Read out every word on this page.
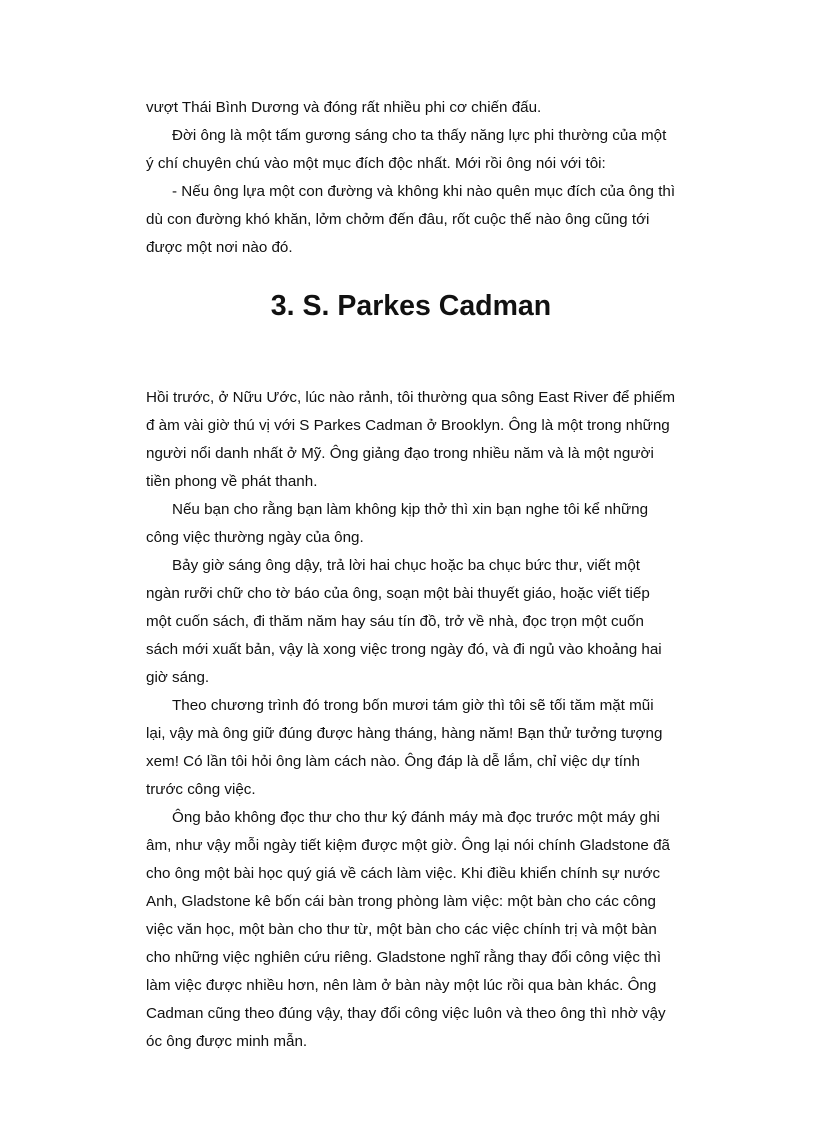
vượt Thái Bình Dương và đóng rất nhiều phi cơ chiến đấu.

Đời ông là một tấm gương sáng cho ta thấy năng lực phi thường của một ý chí chuyên chú vào một mục đích độc nhất. Mới rồi ông nói với tôi:

- Nếu ông lựa một con đường và không khi nào quên mục đích của ông thì dù con đường khó khăn, lởm chởm đến đâu, rốt cuộc thế nào ông cũng tới được một nơi nào đó.

3. S. Parkes Cadman

Hồi trước, ở Nữu Ước, lúc nào rảnh, tôi thường qua sông East River để phiếm đ àm vài giờ thú vị với S Parkes Cadman ở Brooklyn. Ông là một trong những người nổi danh nhất ở Mỹ. Ông giảng đạo trong nhiều năm và là một người tiền phong về phát thanh.

Nếu bạn cho rằng bạn làm không kịp thở thì xin bạn nghe tôi kể những công việc thường ngày của ông.

Bảy giờ sáng ông dậy, trả lời hai chục hoặc ba chục bức thư, viết một ngàn rưỡi chữ cho tờ báo của ông, soạn một bài thuyết giáo, hoặc viết tiếp một cuốn sách, đi thăm năm hay sáu tín đồ, trở về nhà, đọc trọn một cuốn sách mới xuất bản, vậy là xong việc trong ngày đó, và đi ngủ vào khoảng hai giờ sáng.

Theo chương trình đó trong bốn mươi tám giờ thì tôi sẽ tối tăm mặt mũi lại, vậy mà ông giữ đúng được hàng tháng, hàng năm! Bạn thử tưởng tượng xem! Có lần tôi hỏi ông làm cách nào. Ông đáp là dễ lắm, chỉ việc dự tính trước công việc.

Ông bảo không đọc thư cho thư ký đánh máy mà đọc trước một máy ghi âm, như vậy mỗi ngày tiết kiệm được một giờ. Ông lại nói chính Gladstone đã cho ông một bài học quý giá về cách làm việc. Khi điều khiển chính sự nước Anh, Gladstone kê bốn cái bàn trong phòng làm việc: một bàn cho các công việc văn học, một bàn cho thư từ, một bàn cho các việc chính trị và một bàn cho những việc nghiên cứu riêng. Gladstone nghĩ rằng thay đổi công việc thì làm việc được nhiều hơn, nên làm ở bàn này một lúc rồi qua bàn khác. Ông Cadman cũng theo đúng vậy, thay đổi công việc luôn và theo ông thì nhờ vậy óc ông được minh mẫn.
